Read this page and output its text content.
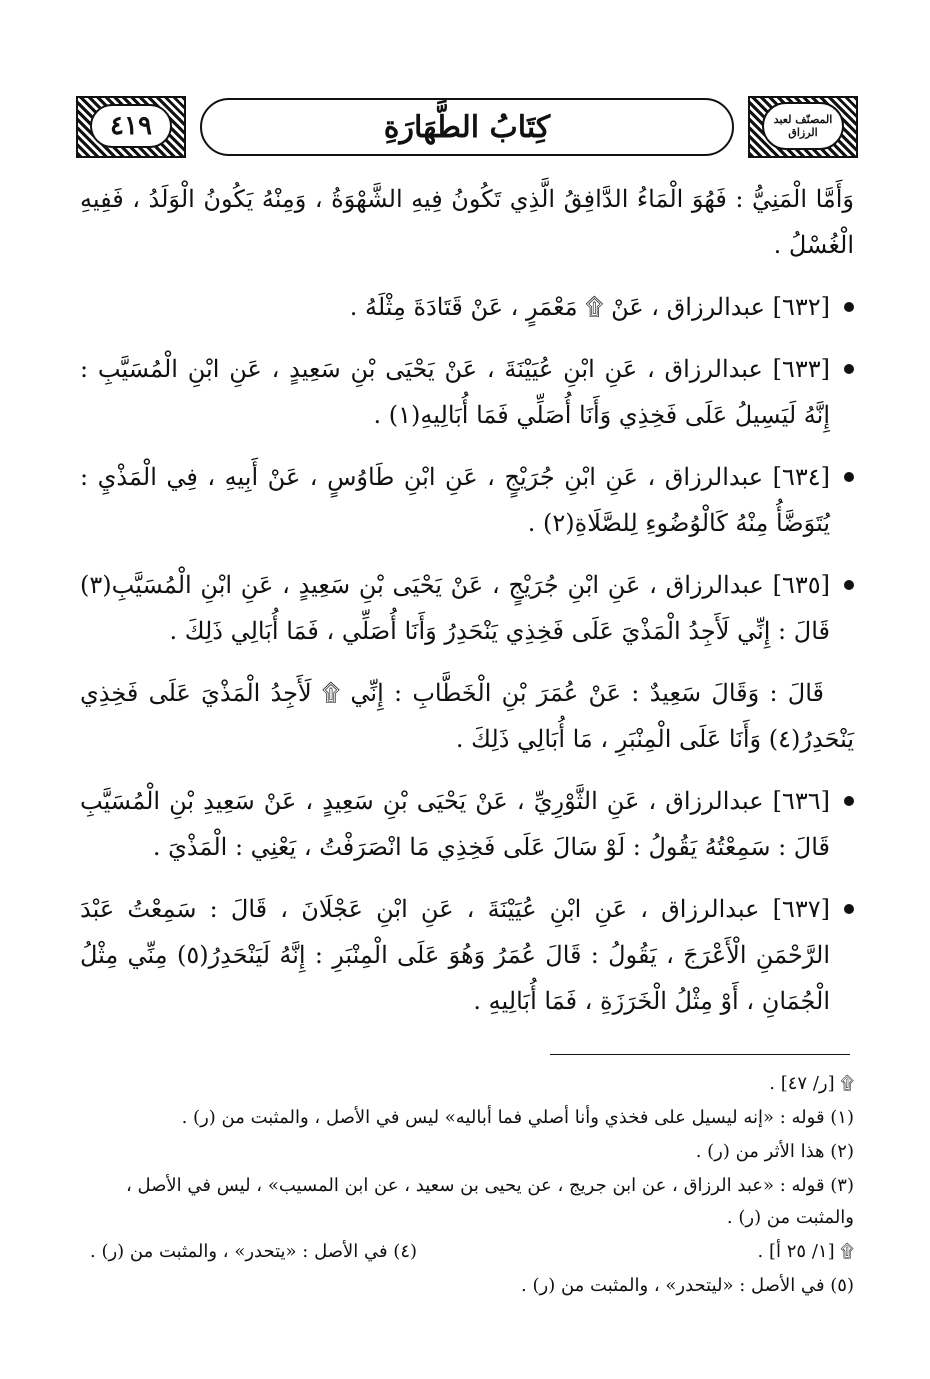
المصنّف لعبد الرزاق
٤١٩	كِتَابُ الطَّهَارَةِ

وَأَمَّا الْمَنِيُّ : فَهُوَ الْمَاءُ الدَّافِقُ الَّذِي تَكُونُ فِيهِ الشَّهْوَةُ ، وَمِنْهُ يَكُونُ الْوَلَدُ ، فَفِيهِ الْغُسْلُ .

[٦٣٢] عبدالرزاق ، عَنْ ۩ مَعْمَرٍ ، عَنْ قَتَادَةَ مِثْلَهُ .
[٦٣٣] عبدالرزاق ، عَنِ ابْنِ عُيَيْنَةَ ، عَنْ يَحْيَى بْنِ سَعِيدٍ ، عَنِ ابْنِ الْمُسَيَّبِ : إِنَّهُ لَيَسِيلُ عَلَى فَخِذِي وَأَنَا أُصَلِّي فَمَا أُبَالِيهِ(١) .
[٦٣٤] عبدالرزاق ، عَنِ ابْنِ جُرَيْجٍ ، عَنِ ابْنِ طَاوُسٍ ، عَنْ أَبِيهِ ، فِي الْمَذْيِ : يُتَوَضَّأُ مِنْهُ كَالْوُضُوءِ لِلصَّلَاةِ(٢) .
[٦٣٥] عبدالرزاق ، عَنِ ابْنِ جُرَيْجٍ ، عَنْ يَحْيَى بْنِ سَعِيدٍ ، عَنِ ابْنِ الْمُسَيَّبِ(٣) قَالَ : إِنِّي لَأَجِدُ الْمَذْيَ عَلَى فَخِذِي يَنْحَدِرُ وَأَنَا أُصَلِّي ، فَمَا أُبَالِي ذَلِكَ .
قَالَ : وَقَالَ سَعِيدٌ : عَنْ عُمَرَ بْنِ الْخَطَّابِ : إِنِّي ۩ لَأَجِدُ الْمَذْيَ عَلَى فَخِذِي يَنْحَدِرُ(٤) وَأَنَا عَلَى الْمِنْبَرِ ، مَا أُبَالِي ذَلِكَ .
[٦٣٦] عبدالرزاق ، عَنِ الثَّوْرِيِّ ، عَنْ يَحْيَى بْنِ سَعِيدٍ ، عَنْ سَعِيدِ بْنِ الْمُسَيَّبِ قَالَ : سَمِعْتُهُ يَقُولُ : لَوْ سَالَ عَلَى فَخِذِي مَا انْصَرَفْتُ ، يَعْنِي : الْمَذْيَ .
[٦٣٧] عبدالرزاق ، عَنِ ابْنِ عُيَيْنَةَ ، عَنِ ابْنِ عَجْلَانَ ، قَالَ : سَمِعْتُ عَبْدَ الرَّحْمَنِ الْأَعْرَجَ ، يَقُولُ : قَالَ عُمَرُ وَهُوَ عَلَى الْمِنْبَرِ : إِنَّهُ لَيَنْحَدِرُ(٥) مِنِّي مِثْلُ الْجُمَانِ ، أَوْ مِثْلُ الْخَرَزَةِ ، فَمَا أُبَالِيهِ .

۩ [ر/ ٤٧] .

(١) قوله : «إنه ليسيل على فخذي وأنا أصلي فما أباليه» ليس في الأصل ، والمثبت من (ر) .

(٢) هذا الأثر من (ر) .

(٣) قوله : «عبد الرزاق ، عن ابن جريج ، عن يحيى بن سعيد ، عن ابن المسيب» ، ليس في الأصل ، والمثبت من (ر) .

۩ [١/ ٢٥ أ] .
(٤) في الأصل : «يتحدر» ، والمثبت من (ر) .

(٥) في الأصل : «ليتحدر» ، والمثبت من (ر) .
